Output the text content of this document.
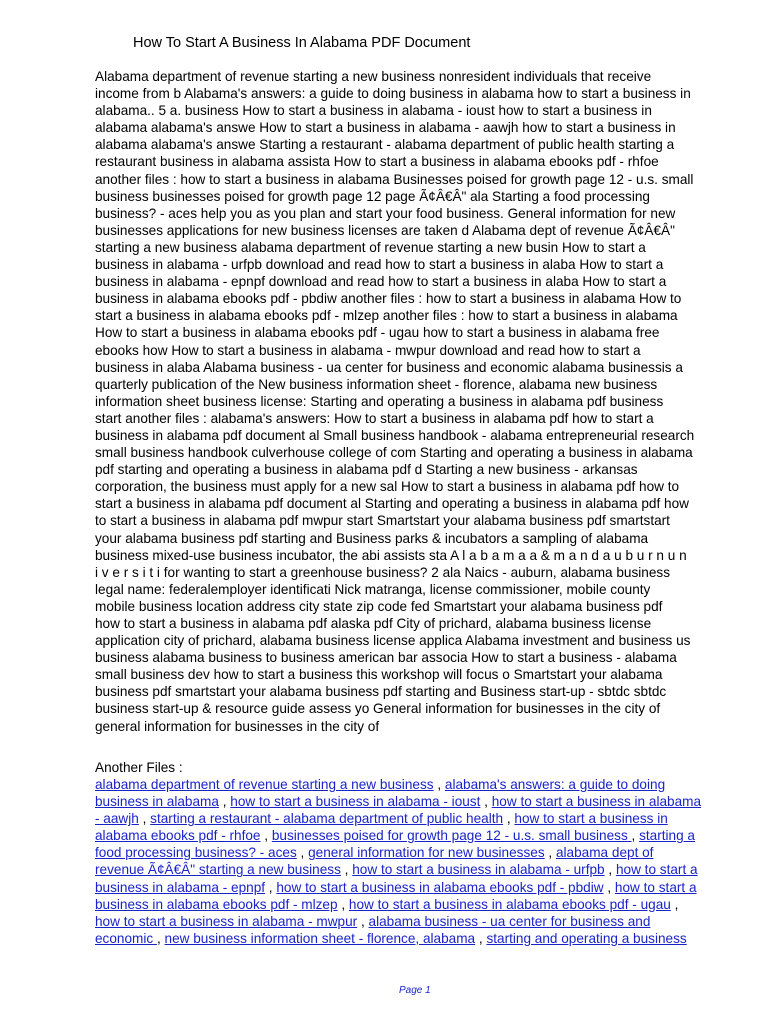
How To Start A Business In Alabama PDF Document
Alabama department of revenue starting a new business nonresident individuals that receive
income from b Alabama's answers: a guide to doing business in alabama how to start a business in
alabama.. 5 a. business How to start a business in alabama - ioust how to start a business in
alabama alabama's answe How to start a business in alabama - aawjh how to start a business in
alabama alabama's answe Starting a restaurant - alabama department of public health starting a
restaurant business in alabama assista How to start a business in alabama ebooks pdf - rhfoe
another files : how to start a business in alabama Businesses poised for growth page 12 - u.s. small
business businesses poised for growth page 12 page Ã¢Â€Â" ala Starting a food processing
business? - aces help you as you plan and start your food business. General information for new
businesses applications for new business licenses are taken d Alabama dept of revenue Ã¢Â€Â"
starting a new business alabama department of revenue starting a new busin How to start a
business in alabama - urfpb download and read how to start a business in alaba How to start a
business in alabama - epnpf download and read how to start a business in alaba How to start a
business in alabama ebooks pdf - pbdiw another files : how to start a business in alabama How to
start a business in alabama ebooks pdf - mlzep another files : how to start a business in alabama
How to start a business in alabama ebooks pdf - ugau how to start a business in alabama free
ebooks how How to start a business in alabama - mwpur download and read how to start a
business in alaba Alabama business - ua center for business and economic alabama businessis a
quarterly publication of the New business information sheet - florence, alabama new business
information sheet business license: Starting and operating a business in alabama pdf business
start another files : alabama's answers: How to start a business in alabama pdf how to start a
business in alabama pdf document al Small business handbook - alabama entrepreneurial research
small business handbook culverhouse college of com Starting and operating a business in alabama
pdf starting and operating a business in alabama pdf d Starting a new business - arkansas
corporation, the business must apply for a new sal How to start a business in alabama pdf how to
start a business in alabama pdf document al Starting and operating a business in alabama pdf how
to start a business in alabama pdf mwpur start Smartstart your alabama business pdf smartstart
your alabama business pdf starting and Business parks & incubators a sampling of alabama
business mixed-use business incubator, the abi assists sta A l a b a m a a & m a n d a u b u r n u n
i v e r s i t i for wanting to start a greenhouse business? 2 ala Naics - auburn, alabama business
legal name: federalemployer identificati Nick matranga, license commissioner, mobile county
mobile business location address city state zip code fed Smartstart your alabama business pdf
how to start a business in alabama pdf alaska pdf City of prichard, alabama business license
application city of prichard, alabama business license applica Alabama investment and business us
business alabama business to business american bar associa How to start a business - alabama
small business dev how to start a business this workshop will focus o Smartstart your alabama
business pdf smartstart your alabama business pdf starting and Business start-up - sbtdc sbtdc
business start-up & resource guide assess yo General information for businesses in the city of
general information for businesses in the city of
Another Files :
alabama department of revenue starting a new business , alabama's answers: a guide to doing
business in alabama , how to start a business in alabama - ioust , how to start a business in alabama
- aawjh , starting a restaurant - alabama department of public health , how to start a business in
alabama ebooks pdf - rhfoe , businesses poised for growth page 12 - u.s. small business , starting a
food processing business? - aces , general information for new businesses , alabama dept of
revenue Ã¢Â€Â" starting a new business , how to start a business in alabama - urfpb , how to start a
business in alabama - epnpf , how to start a business in alabama ebooks pdf - pbdiw , how to start a
business in alabama ebooks pdf - mlzep , how to start a business in alabama ebooks pdf - ugau ,
how to start a business in alabama - mwpur , alabama business - ua center for business and
economic , new business information sheet - florence, alabama , starting and operating a business
Page 1
